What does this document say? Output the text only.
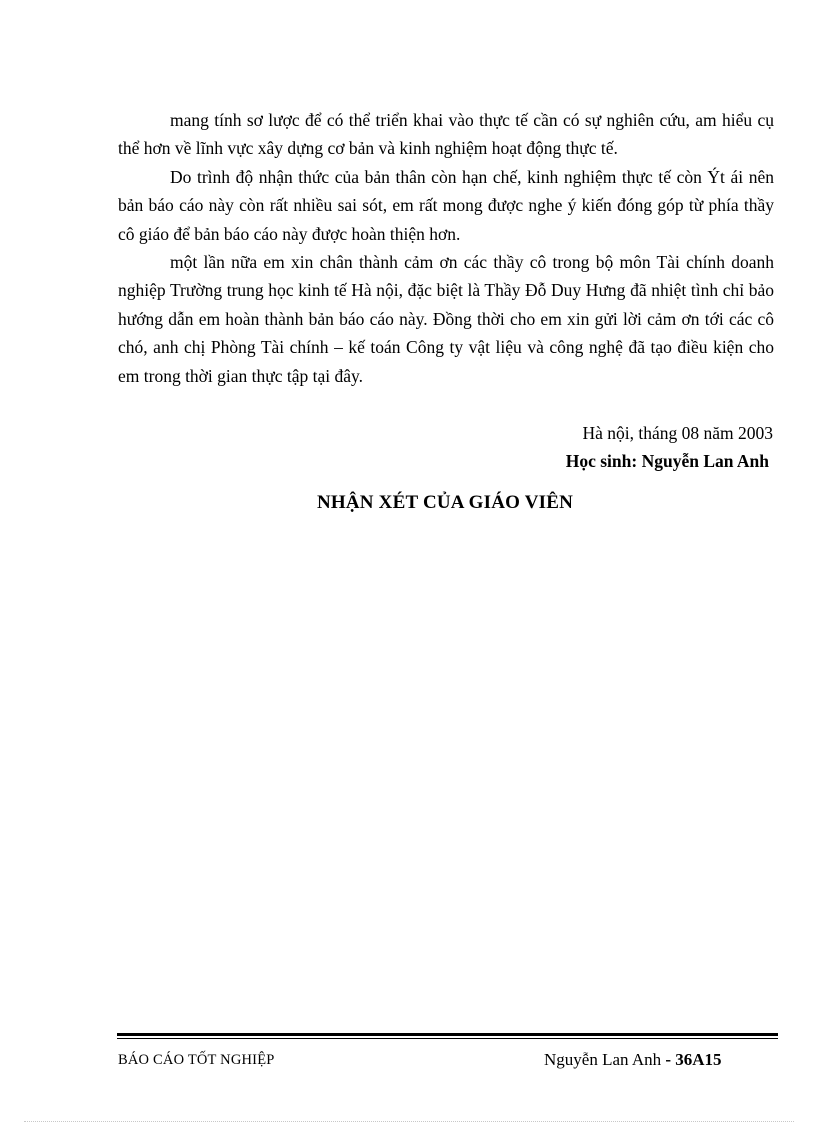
mang tính sơ lược để có thể triển khai vào thực tế cần có sự nghiên cứu, am hiểu cụ thể hơn về lĩnh vực xây dựng cơ bản và kinh nghiệm hoạt động thực tế.

Do trình độ nhận thức của bản thân còn hạn chế, kinh nghiệm thực tế còn Ýt ái nên bản báo cáo này còn rất nhiều sai sót, em rất mong được nghe ý kiến đóng góp từ phía thầy cô giáo để bản báo cáo này được hoàn thiện hơn.

một lần nữa em xin chân thành cảm ơn các thầy cô trong bộ môn Tài chính doanh nghiệp Trường trung học kinh tế Hà nội, đặc biệt là Thầy Đỗ Duy Hưng đã nhiệt tình chỉ bảo hướng dẫn em hoàn thành bản báo cáo này. Đồng thời cho em xin gửi lời cảm ơn tới các cô chó, anh chị Phòng Tài chính – kế toán Công ty vật liệu và công nghệ đã tạo điều kiện cho em trong thời gian thực tập tại đây.

Hà nội, tháng 08 năm 2003
Học sinh: Nguyễn Lan Anh
NHẬN XÉT CỦA GIÁO VIÊN
BÁO CÁO TỐT NGHIỆP	Nguyễn Lan Anh - 36A15
